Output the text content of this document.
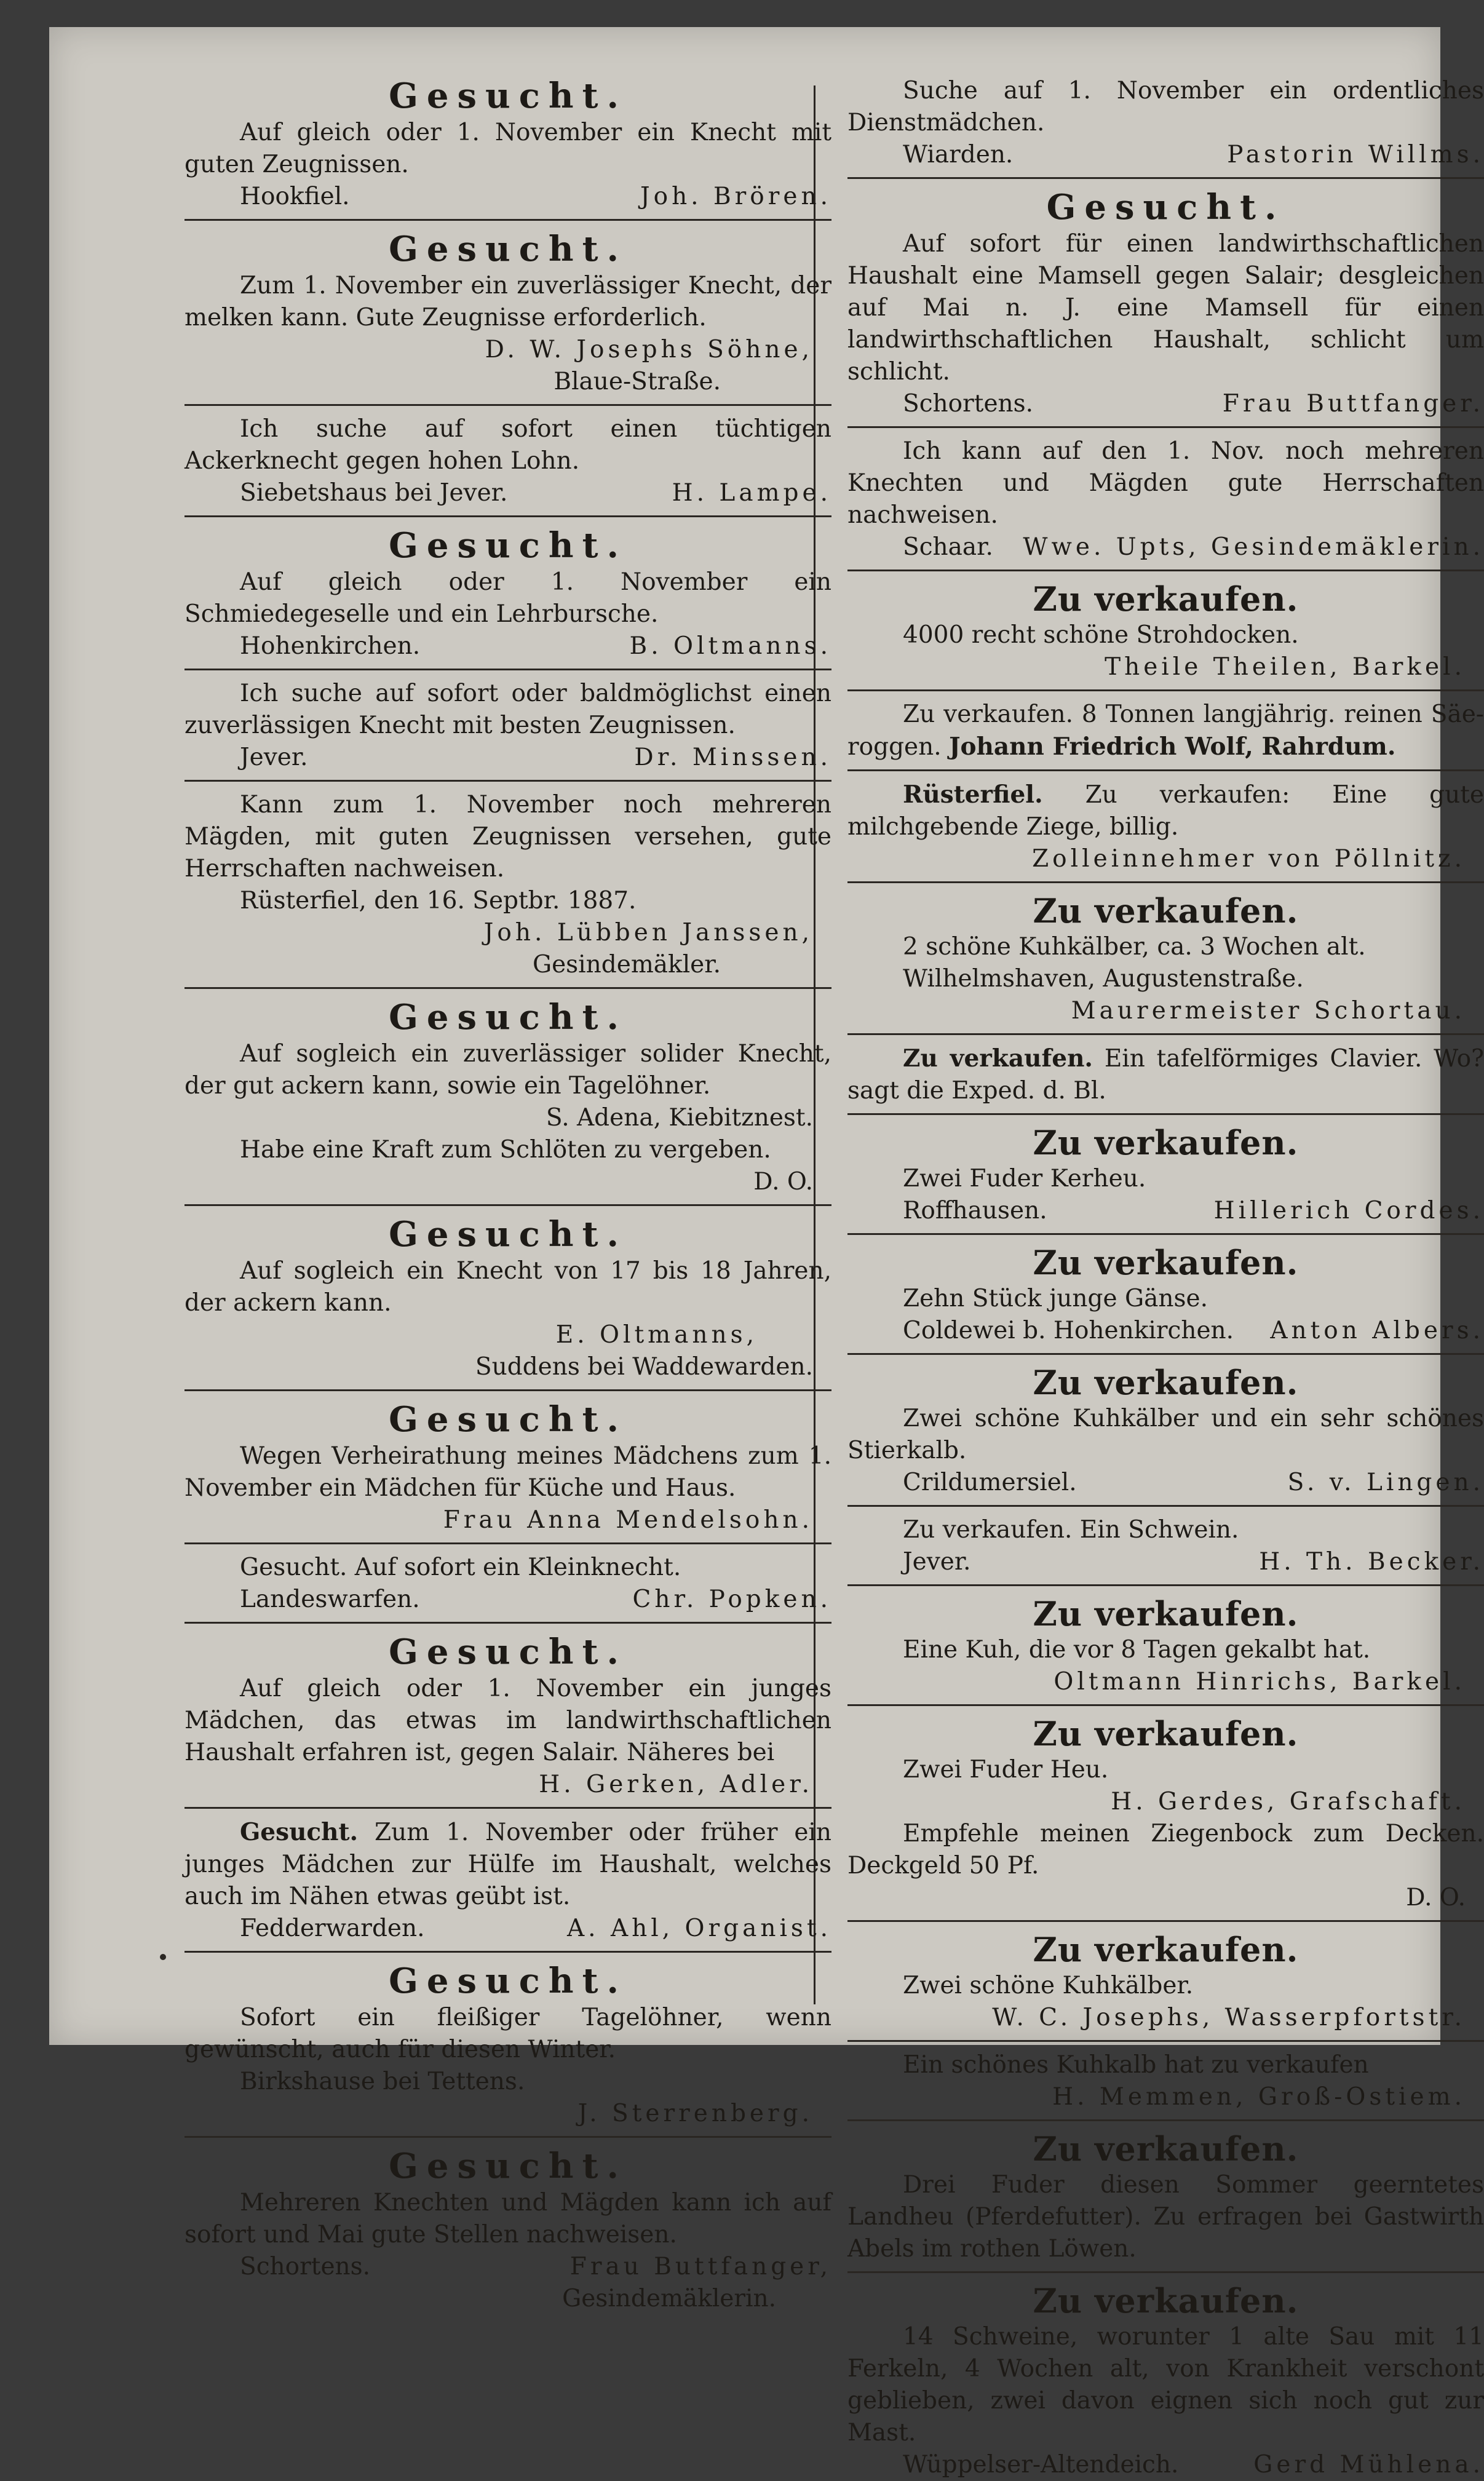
Gesucht.

Auf gleich oder 1. November ein Knecht mit guten Zeugnissen.

Hookfiel.	Joh. Brören.

Gesucht.

Zum 1. November ein zuverlässiger Knecht, der melken kann. Gute Zeugnisse erforderlich.

D. W. Josephs Söhne,
Blaue-Straße.

Ich suche auf sofort einen tüchtigen Ackerknecht gegen hohen Lohn.

Siebetshaus bei Jever.	H. Lampe.

Gesucht.

Auf gleich oder 1. November ein Schmiedegeselle und ein Lehrbursche.

Hohenkirchen.	B. Oltmanns.

Ich suche auf sofort oder baldmöglichst einen zuverlässigen Knecht mit besten Zeugnissen.

Jever.	Dr. Minssen.

Kann zum 1. November noch mehreren Mägden, mit guten Zeugnissen versehen, gute Herrschaften nachweisen.

Rüsterfiel, den 16. Septbr. 1887.

Joh. Lübben Janssen,
Gesindemäkler.

Gesucht.

Auf sogleich ein zuverlässiger solider Knecht, der gut ackern kann, sowie ein Tagelöhner.

S. Adena, Kiebitznest.

Habe eine Kraft zum Schlöten zu vergeben.

D. O.

Gesucht.

Auf sogleich ein Knecht von 17 bis 18 Jahren, der ackern kann.

E. Oltmanns,
Suddens bei Waddewarden.

Gesucht.

Wegen Verheirathung meines Mädchens zum 1. November ein Mädchen für Küche und Haus.

Frau Anna Mendelsohn.

Gesucht. Auf sofort ein Kleinknecht.

Landeswarfen.	Chr. Popken.

Gesucht.

Auf gleich oder 1. November ein junges Mädchen, das etwas im landwirthschaftlichen Haushalt erfahren ist, gegen Salair. Näheres bei

H. Gerken, Adler.

Gesucht. Zum 1. November oder früher ein junges Mädchen zur Hülfe im Haushalt, welches auch im Nähen etwas geübt ist.

Fedderwarden.	A. Ahl, Organist.

Gesucht.

Sofort ein fleißiger Tagelöhner, wenn gewünscht, auch für diesen Winter.

Birkshause bei Tettens.

J. Sterrenberg.

Gesucht.

Mehreren Knechten und Mägden kann ich auf sofort und Mai gute Stellen nachweisen.

Schortens.	Frau Buttfanger,
Gesindemäklerin.

Suche auf 1. November ein ordentliches Dienstmädchen.

Wiarden.	Pastorin Willms.

Gesucht.

Auf sofort für einen landwirthschaftlichen Haushalt eine Mamsell gegen Salair; desgleichen auf Mai n. J. eine Mamsell für einen landwirthschaftlichen Haushalt, schlicht um schlicht.

Schortens.	Frau Buttfanger.

Ich kann auf den 1. Nov. noch mehreren Knechten und Mägden gute Herrschaften nachweisen.

Schaar. Wwe. Upts, Gesindemäklerin.

Zu verkaufen.

4000 recht schöne Strohdocken.

Theile Theilen, Barkel.

Zu verkaufen. 8 Tonnen langjährig. reinen Säe-roggen. Johann Friedrich Wolf, Rahrdum.

Rüsterfiel. Zu verkaufen: Eine gute milchgebende Ziege, billig.

Zolleinnehmer von Pöllnitz.

Zu verkaufen.

2 schöne Kuhkälber, ca. 3 Wochen alt.

Wilhelmshaven, Augustenstraße.

Maurermeister Schortau.

Zu verkaufen. Ein tafelförmiges Clavier. Wo? sagt die Exped. d. Bl.

Zu verkaufen.

Zwei Fuder Kerheu.

Roffhausen.	Hillerich Cordes.

Zu verkaufen.

Zehn Stück junge Gänse.

Coldewei b. Hohenkirchen. Anton Albers.

Zu verkaufen.

Zwei schöne Kuhkälber und ein sehr schönes Stierkalb.

Crildumersiel.	S. v. Lingen.

Zu verkaufen. Ein Schwein.

Jever.	H. Th. Becker.

Zu verkaufen.

Eine Kuh, die vor 8 Tagen gekalbt hat.

Oltmann Hinrichs, Barkel.

Zu verkaufen.

Zwei Fuder Heu.

H. Gerdes, Grafschaft.

Empfehle meinen Ziegenbock zum Decken. Deckgeld 50 Pf.

D. O.

Zu verkaufen.

Zwei schöne Kuhkälber.

W. C. Josephs, Wasserpfortstr.

Ein schönes Kuhkalb hat zu verkaufen

H. Memmen, Groß-Ostiem.

Zu verkaufen.

Drei Fuder diesen Sommer geerntetes Landheu (Pferdefutter). Zu erfragen bei Gastwirth Abels im rothen Löwen.

Zu verkaufen.

14 Schweine, worunter 1 alte Sau mit 11 Ferkeln, 4 Wochen alt, von Krankheit verschont geblieben, zwei davon eignen sich noch gut zur Mast.

Wüppelser-Altendeich.	Gerd Mühlena.
